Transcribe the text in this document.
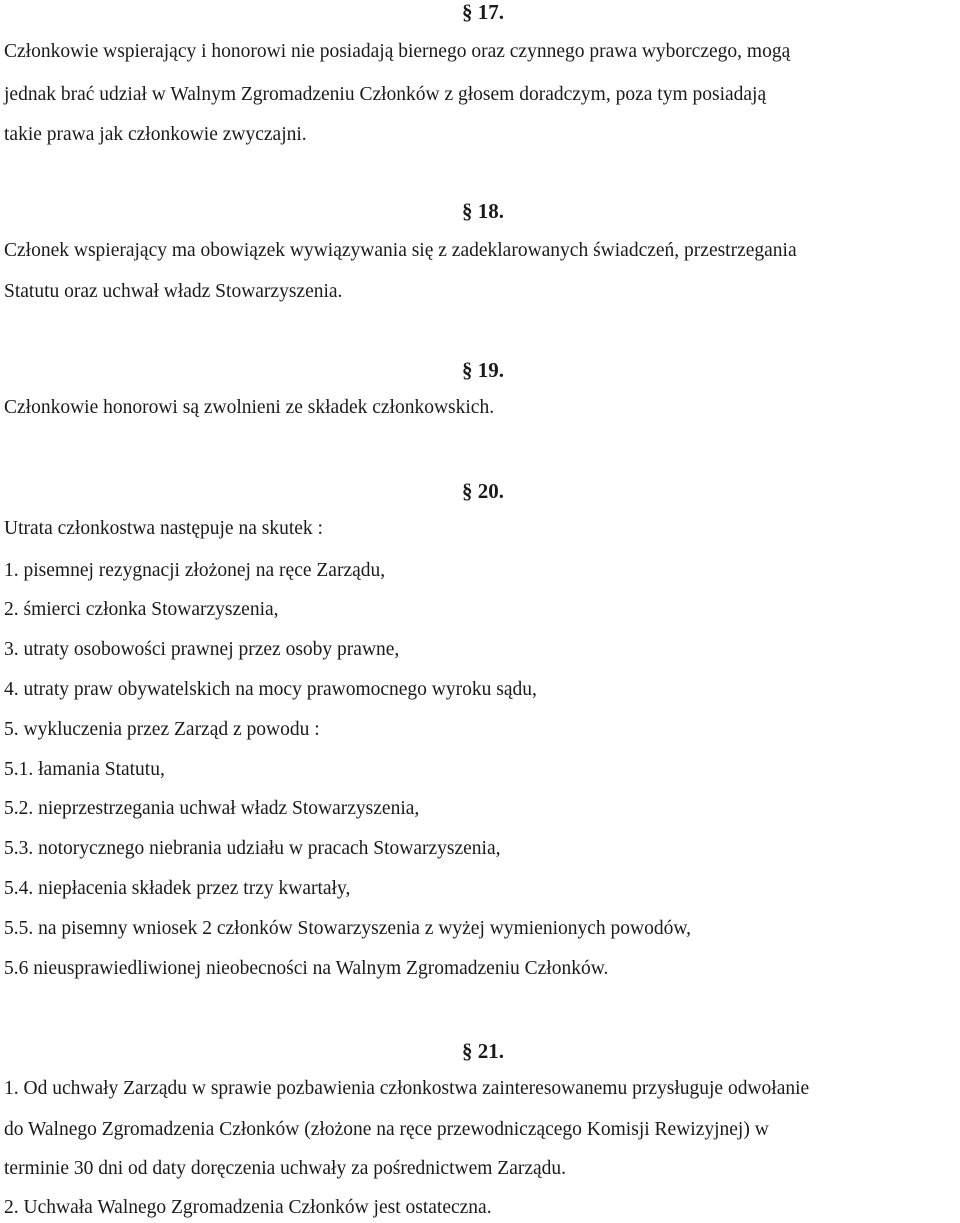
§ 17.
Członkowie wspierający i honorowi nie posiadają biernego oraz czynnego prawa wyborczego, mogą
jednak brać udział w Walnym Zgromadzeniu Członków z głosem doradczym, poza tym posiadają
takie prawa jak członkowie zwyczajni.
§ 18.
Członek wspierający ma obowiązek wywiązywania się z zadeklarowanych świadczeń, przestrzegania
Statutu oraz uchwał władz Stowarzyszenia.
§ 19.
Członkowie honorowi są zwolnieni ze składek członkowskich.
§ 20.
Utrata członkostwa następuje na skutek :
1. pisemnej rezygnacji złożonej na ręce Zarządu,
2. śmierci członka Stowarzyszenia,
3. utraty osobowości prawnej przez osoby prawne,
4. utraty praw obywatelskich na mocy prawomocnego wyroku sądu,
5. wykluczenia przez Zarząd z powodu :
5.1. łamania Statutu,
5.2. nieprzestrzegania uchwał władz Stowarzyszenia,
5.3. notorycznego niebrania udziału w pracach Stowarzyszenia,
5.4. niepłacenia składek przez trzy kwartały,
5.5. na pisemny wniosek 2 członków Stowarzyszenia z wyżej wymienionych powodów,
5.6 nieusprawiedliwionej nieobecności na Walnym Zgromadzeniu Członków.
§ 21.
1. Od uchwały Zarządu w sprawie pozbawienia członkostwa zainteresowanemu przysługuje odwołanie
do Walnego Zgromadzenia Członków (złożone na ręce przewodniczącego Komisji Rewizyjnej) w
terminie 30 dni od daty doręczenia uchwały za pośrednictwem Zarządu.
2. Uchwała Walnego Zgromadzenia Członków jest ostateczna.
